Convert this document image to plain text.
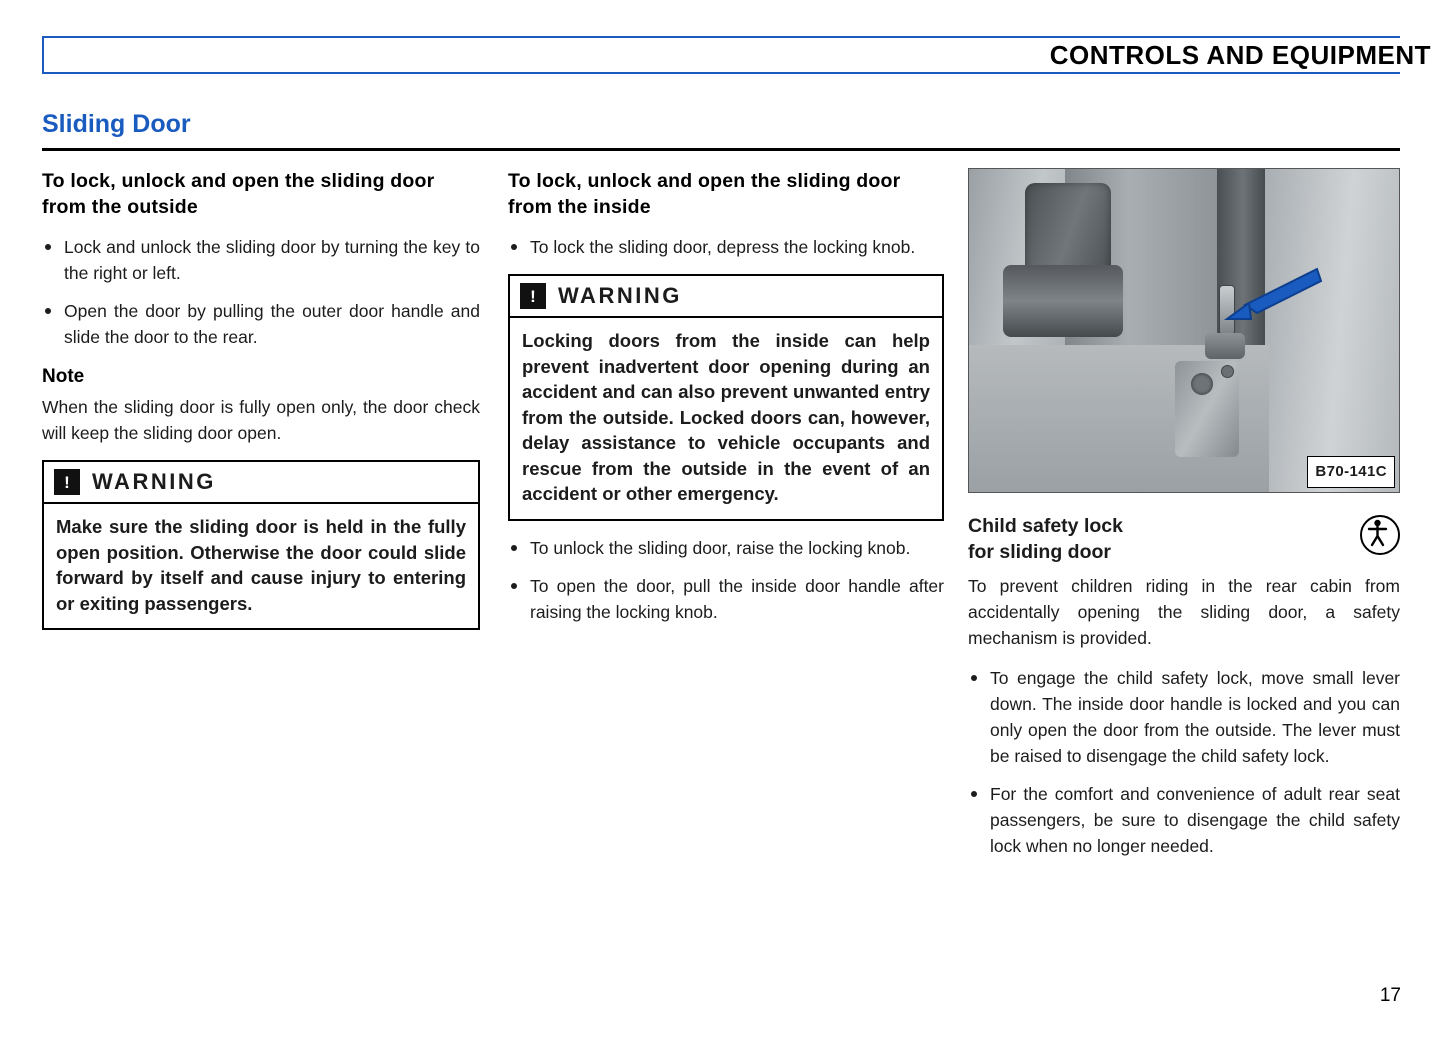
CONTROLS AND EQUIPMENT
Sliding Door
To lock, unlock and open the sliding door from the outside
Lock and unlock the sliding door by turning the key to the right or left.
Open the door by pulling the outer door handle and slide the door to the rear.
Note

When the sliding door is fully open only, the door check will keep the sliding door open.

! WARNING

Make sure the sliding door is held in the fully open position. Otherwise the door could slide forward by itself and cause injury to entering or exiting passengers.

To lock, unlock and open the sliding door from the inside
To lock the sliding door, depress the locking knob.
! WARNING

Locking doors from the inside can help prevent inadvertent door opening during an accident and can also prevent unwanted entry from the outside. Locked doors can, however, delay assistance to vehicle occupants and rescue from the outside in the event of an accident or other emergency.

To unlock the sliding door, raise the locking knob.
To open the door, pull the inside door handle after raising the locking knob.
B70-141C
Child safety lock
for sliding door

To prevent children riding in the rear cabin from accidentally opening the sliding door, a safety mechanism is provided.

To engage the child safety lock, move small lever down. The inside door handle is locked and you can only open the door from the outside. The lever must be raised to disengage the child safety lock.
For the comfort and convenience of adult rear seat passengers, be sure to disengage the child safety lock when no longer needed.
17
